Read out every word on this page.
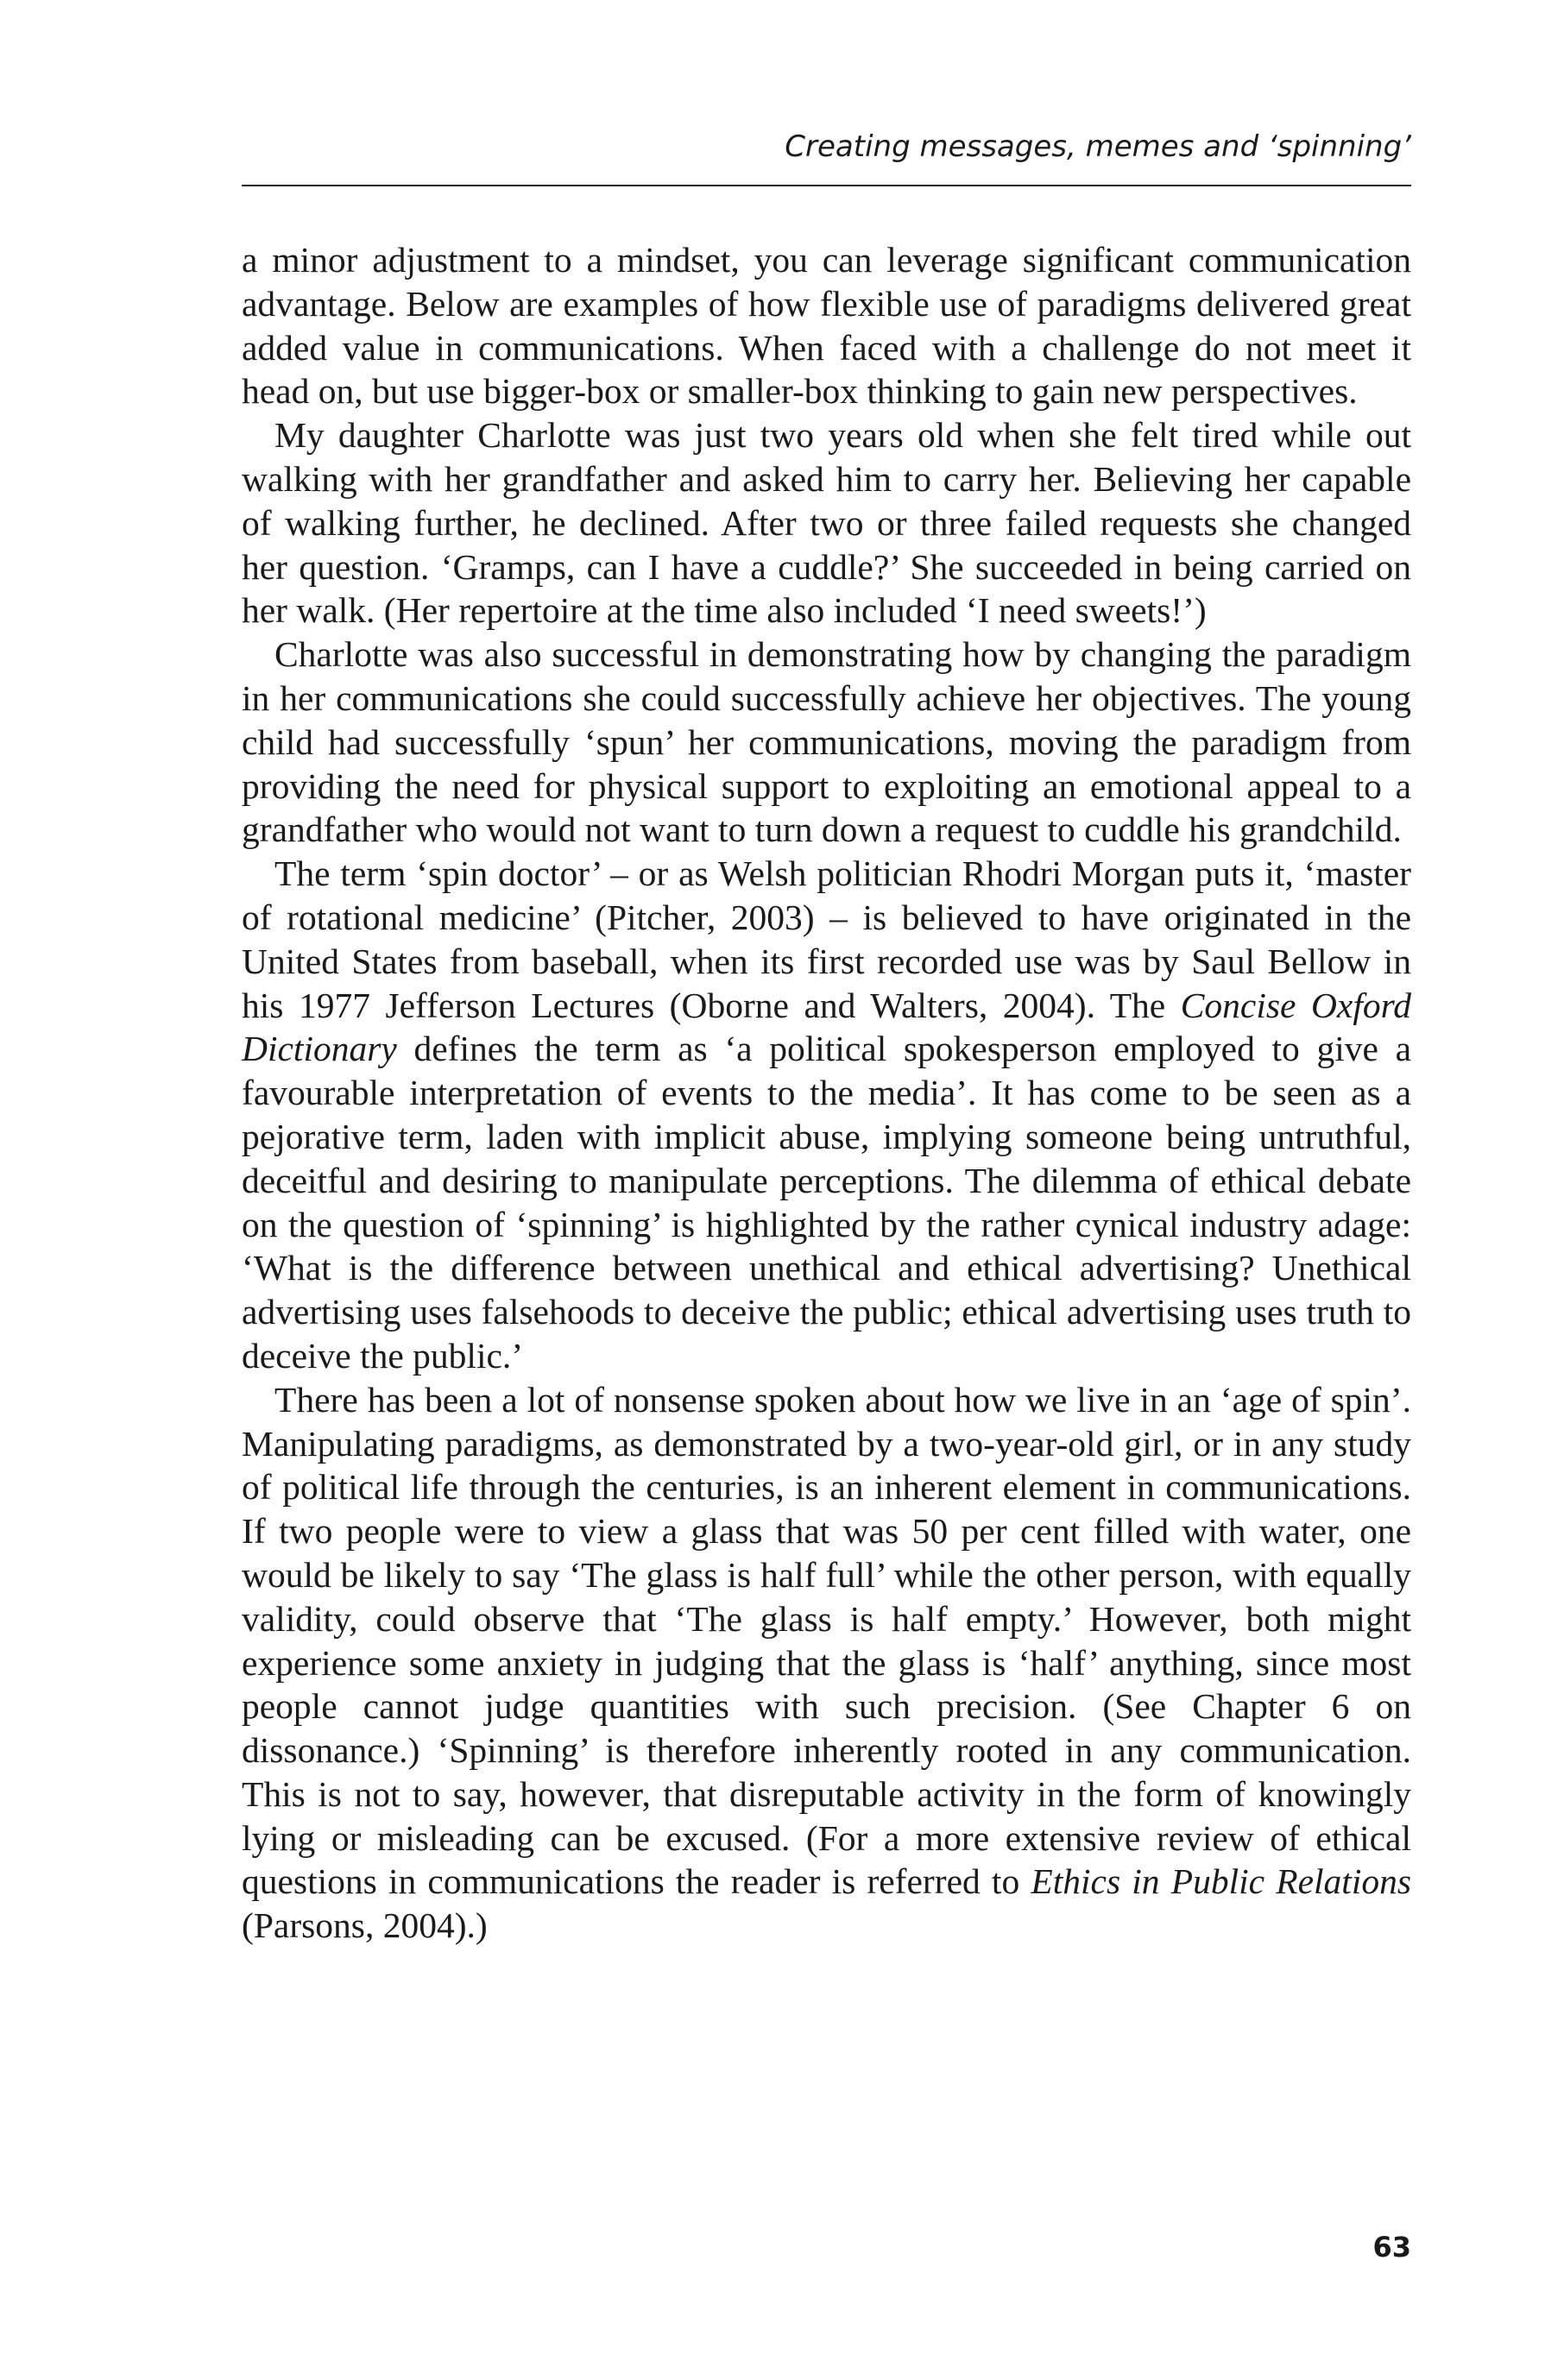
Creating messages, memes and ‘spinning’

a minor adjustment to a mindset, you can leverage significant communication advantage. Below are examples of how flexible use of paradigms delivered great added value in communications. When faced with a challenge do not meet it head on, but use bigger-box or smaller-box thinking to gain new perspectives.

My daughter Charlotte was just two years old when she felt tired while out walking with her grandfather and asked him to carry her. Believing her capable of walking further, he declined. After two or three failed requests she changed her question. ‘Gramps, can I have a cuddle?’ She succeeded in being carried on her walk. (Her repertoire at the time also included ‘I need sweets!’)

Charlotte was also successful in demonstrating how by changing the paradigm in her communications she could successfully achieve her objectives. The young child had successfully ‘spun’ her communications, moving the paradigm from providing the need for physical support to exploiting an emotional appeal to a grandfather who would not want to turn down a request to cuddle his grandchild.

The term ‘spin doctor’ – or as Welsh politician Rhodri Morgan puts it, ‘master of rotational medicine’ (Pitcher, 2003) – is believed to have originated in the United States from baseball, when its first recorded use was by Saul Bellow in his 1977 Jefferson Lectures (Oborne and Walters, 2004). The Concise Oxford Dictionary defines the term as ‘a political spokesperson employed to give a favourable interpretation of events to the media’. It has come to be seen as a pejorative term, laden with implicit abuse, implying someone being untruthful, deceitful and desiring to manipulate perceptions. The dilemma of ethical debate on the question of ‘spinning’ is highlighted by the rather cynical industry adage: ‘What is the difference between unethical and ethical advertising? Unethical advertising uses falsehoods to deceive the public; ethical advertising uses truth to deceive the public.’

There has been a lot of nonsense spoken about how we live in an ‘age of spin’. Manipulating paradigms, as demonstrated by a two-year-old girl, or in any study of political life through the centuries, is an inherent element in communications. If two people were to view a glass that was 50 per cent filled with water, one would be likely to say ‘The glass is half full’ while the other person, with equally validity, could observe that ‘The glass is half empty.’ However, both might experience some anxiety in judging that the glass is ‘half’ anything, since most people cannot judge quantities with such precision. (See Chapter 6 on dissonance.) ‘Spinning’ is therefore inherently rooted in any communication. This is not to say, however, that disreputable activity in the form of knowingly lying or misleading can be excused. (For a more extensive review of ethical questions in communications the reader is referred to Ethics in Public Relations (Parsons, 2004).)

63
